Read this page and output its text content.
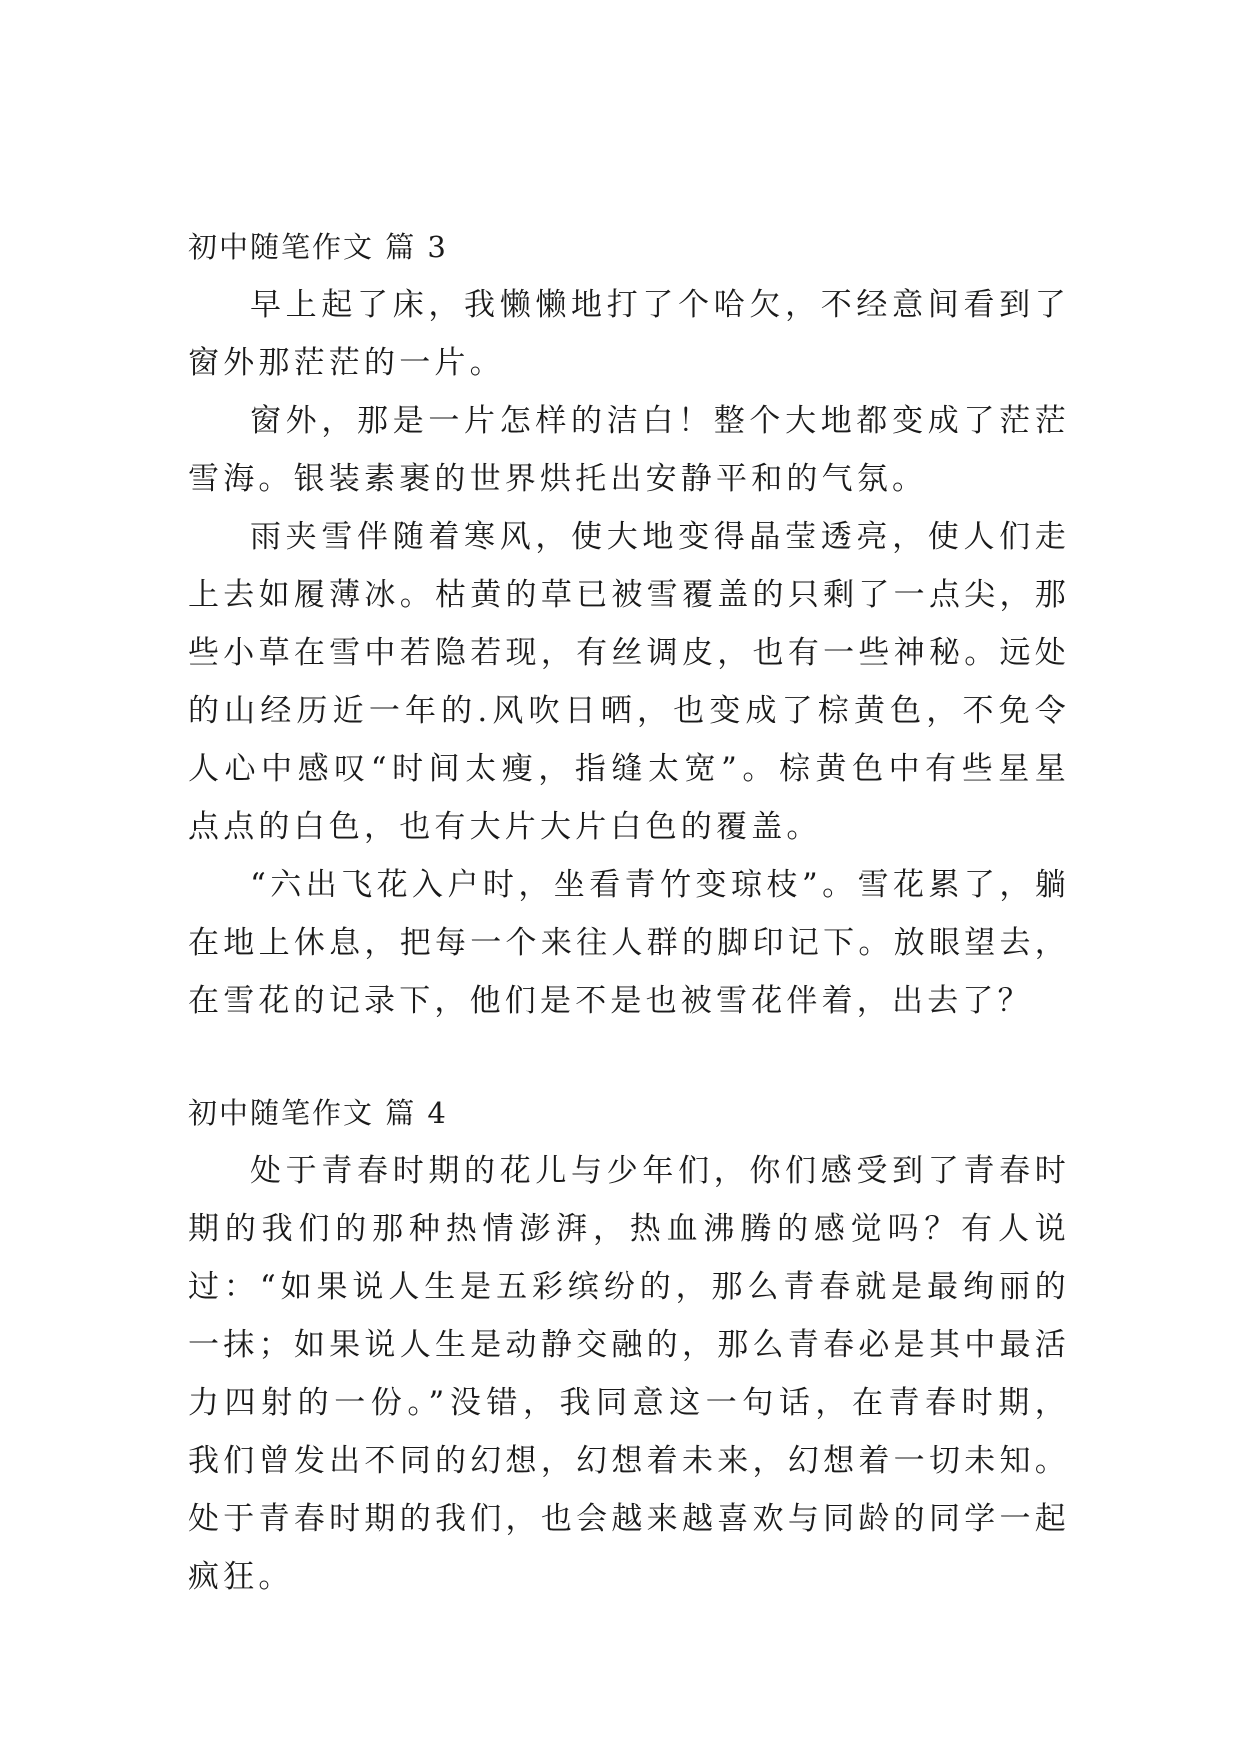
初中随笔作文 篇 3

早上起了床，我懒懒地打了个哈欠，不经意间看到了窗外那茫茫的一片。

窗外，那是一片怎样的洁白！整个大地都变成了茫茫雪海。银装素裹的世界烘托出安静平和的气氛。

雨夹雪伴随着寒风，使大地变得晶莹透亮，使人们走上去如履薄冰。枯黄的草已被雪覆盖的只剩了一点尖，那些小草在雪中若隐若现，有丝调皮，也有一些神秘。远处的山经历近一年的.风吹日晒，也变成了棕黄色，不免令人心中感叹“时间太瘦，指缝太宽”。棕黄色中有些星星点点的白色，也有大片大片白色的覆盖。

“六出飞花入户时，坐看青竹变琼枝”。雪花累了，躺在地上休息，把每一个来往人群的脚印记下。放眼望去，在雪花的记录下，他们是不是也被雪花伴着，出去了？

初中随笔作文 篇 4

处于青春时期的花儿与少年们，你们感受到了青春时期的我们的那种热情澎湃，热血沸腾的感觉吗？有人说过：“如果说人生是五彩缤纷的，那么青春就是最绚丽的一抹；如果说人生是动静交融的，那么青春必是其中最活力四射的一份。”没错，我同意这一句话，在青春时期，我们曾发出不同的幻想，幻想着未来，幻想着一切未知。处于青春时期的我们，也会越来越喜欢与同龄的同学一起疯狂。
